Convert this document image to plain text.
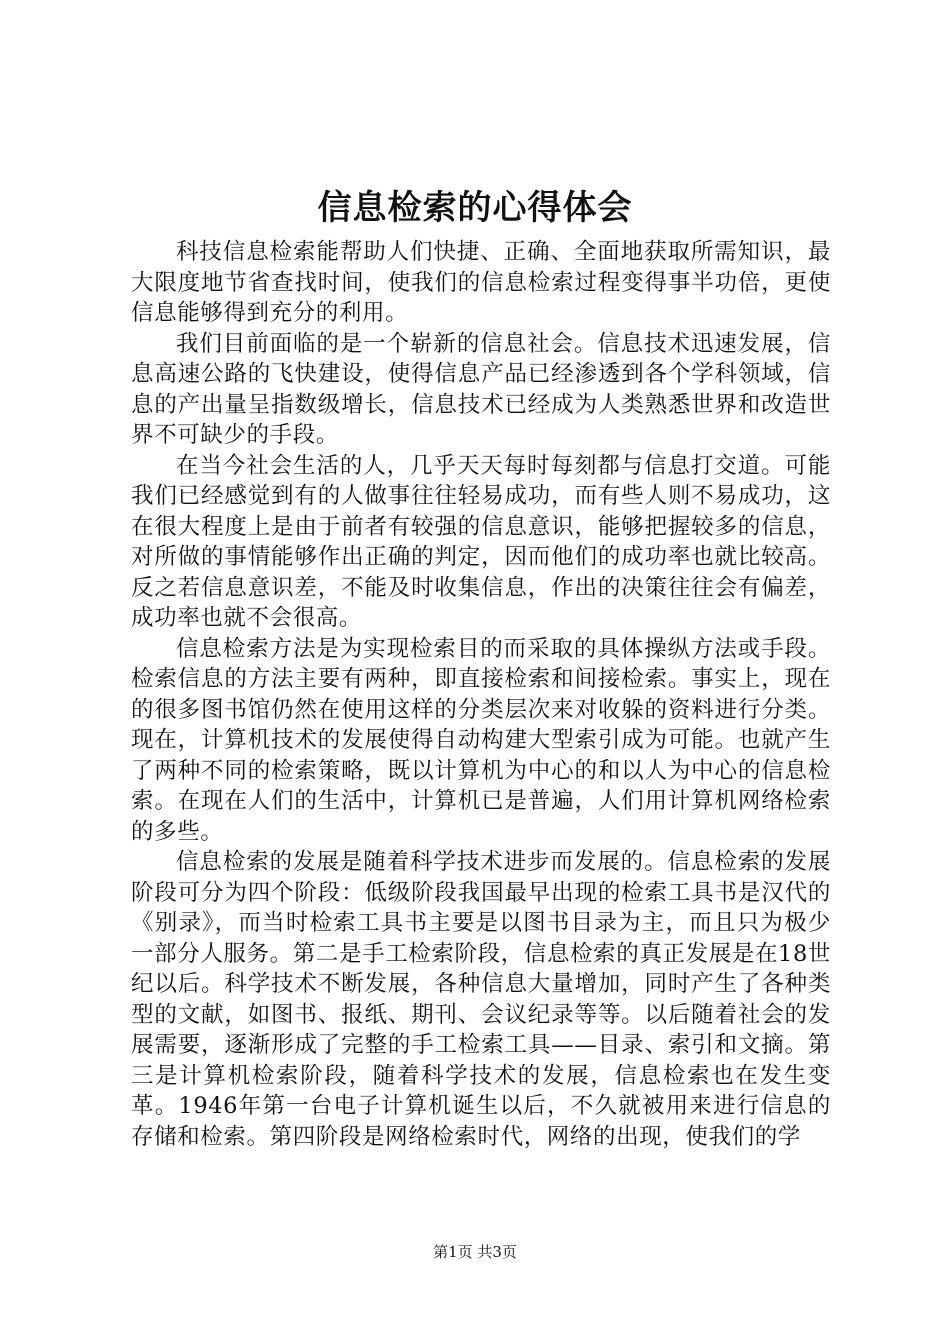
信息检索的心得体会

科技信息检索能帮助人们快捷、正确、全面地获取所需知识，最大限度地节省查找时间，使我们的信息检索过程变得事半功倍，更使信息能够得到充分的利用。

我们目前面临的是一个崭新的信息社会。信息技术迅速发展，信息高速公路的飞快建设，使得信息产品已经渗透到各个学科领域，信息的产出量呈指数级增长，信息技术已经成为人类熟悉世界和改造世界不可缺少的手段。

在当今社会生活的人，几乎天天每时每刻都与信息打交道。可能我们已经感觉到有的人做事往往轻易成功，而有些人则不易成功，这在很大程度上是由于前者有较强的信息意识，能够把握较多的信息，对所做的事情能够作出正确的判定，因而他们的成功率也就比较高。反之若信息意识差，不能及时收集信息，作出的决策往往会有偏差，成功率也就不会很高。

信息检索方法是为实现检索目的而采取的具体操纵方法或手段。检索信息的方法主要有两种，即直接检索和间接检索。事实上，现在的很多图书馆仍然在使用这样的分类层次来对收躲的资料进行分类。现在，计算机技术的发展使得自动构建大型索引成为可能。也就产生了两种不同的检索策略，既以计算机为中心的和以人为中心的信息检索。在现在人们的生活中，计算机已是普遍，人们用计算机网络检索的多些。

信息检索的发展是随着科学技术进步而发展的。信息检索的发展阶段可分为四个阶段：低级阶段我国最早出现的检索工具书是汉代的《别录》，而当时检索工具书主要是以图书目录为主，而且只为极少一部分人服务。第二是手工检索阶段，信息检索的真正发展是在18世纪以后。科学技术不断发展，各种信息大量增加，同时产生了各种类型的文献，如图书、报纸、期刊、会议纪录等等。以后随着社会的发展需要，逐渐形成了完整的手工检索工具——目录、索引和文摘。第三是计算机检索阶段，随着科学技术的发展，信息检索也在发生变革。1946年第一台电子计算机诞生以后，不久就被用来进行信息的存储和检索。第四阶段是网络检索时代，网络的出现，使我们的学

第1页 共3页
